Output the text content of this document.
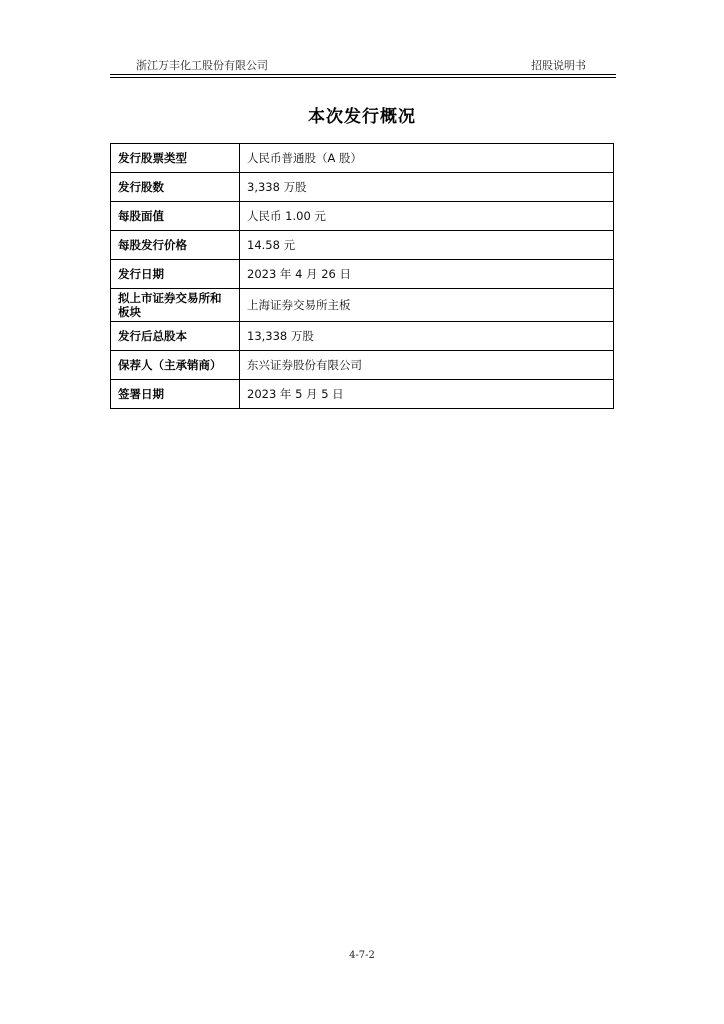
浙江万丰化工股份有限公司	招股说明书
本次发行概况
发行股票类型	人民币普通股（A 股）
发行股数	3,338 万股
每股面值	人民币 1.00 元
每股发行价格	14.58 元
发行日期	2023 年 4 月 26 日
拟上市证券交易所和板块	上海证券交易所主板
发行后总股本	13,338 万股
保荐人（主承销商）	东兴证券股份有限公司
签署日期	2023 年 5 月 5 日
4-7-2
